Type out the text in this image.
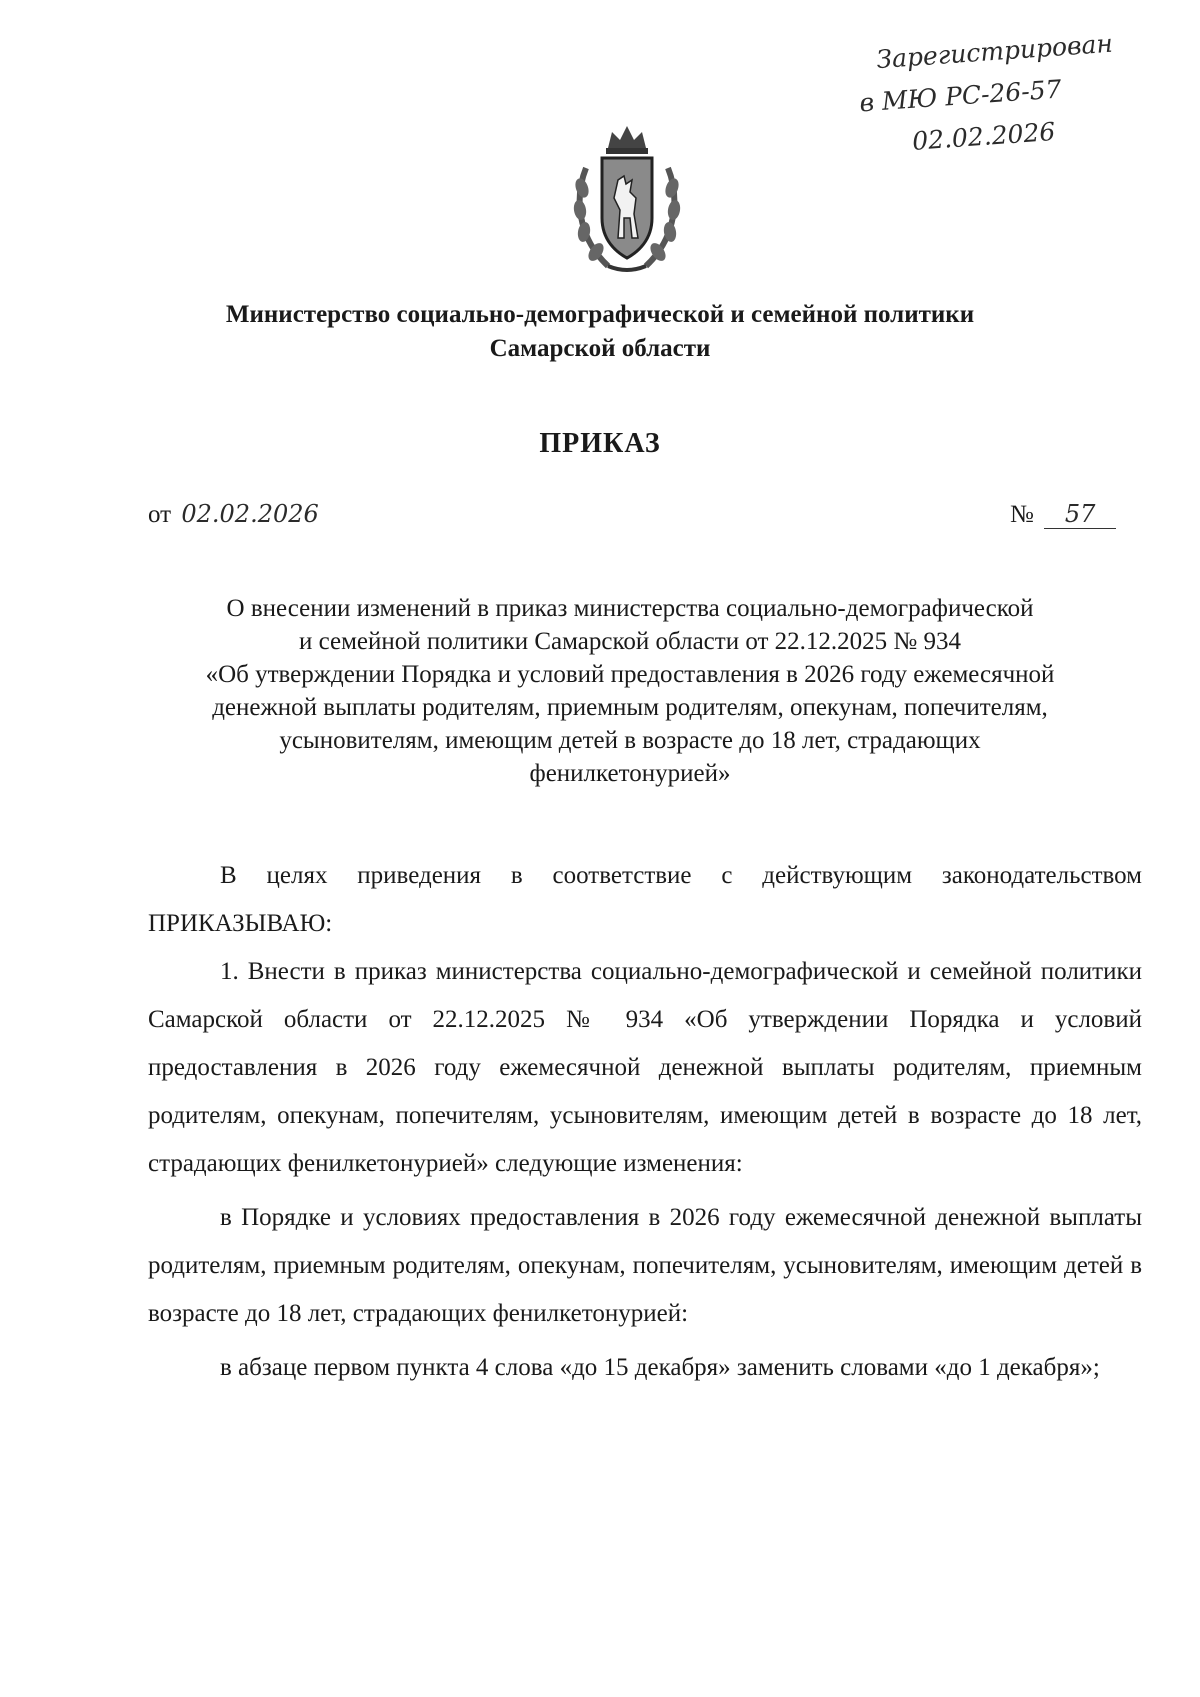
Зарегистрирован
в МЮ РС-26-57
02.02.2026
Министерство социально-демографической и семейной политики
Самарской области
ПРИКАЗ
от 02.02.2026	№ 57
О внесении изменений в приказ министерства социально-демографической
и семейной политики Самарской области от 22.12.2025 № 934
«Об утверждении Порядка и условий предоставления в 2026 году ежемесячной
денежной выплаты родителям, приемным родителям, опекунам, попечителям,
усыновителям, имеющим детей в возрасте до 18 лет, страдающих
фенилкетонурией»

В целях приведения в соответствие с действующим законодательством

ПРИКАЗЫВАЮ:

1. Внести в приказ министерства социально-демографической и семейной политики Самарской области от 22.12.2025 № 934 «Об утверждении Порядка и условий предоставления в 2026 году ежемесячной денежной выплаты родителям, приемным родителям, опекунам, попечителям, усыновителям, имеющим детей в возрасте до 18 лет, страдающих фенилкетонурией» следующие изменения:

в Порядке и условиях предоставления в 2026 году ежемесячной денежной выплаты родителям, приемным родителям, опекунам, попечителям, усыновителям, имеющим детей в возрасте до 18 лет, страдающих фенилкетонурией:

в абзаце первом пункта 4 слова «до 15 декабря» заменить словами «до 1 декабря»;
